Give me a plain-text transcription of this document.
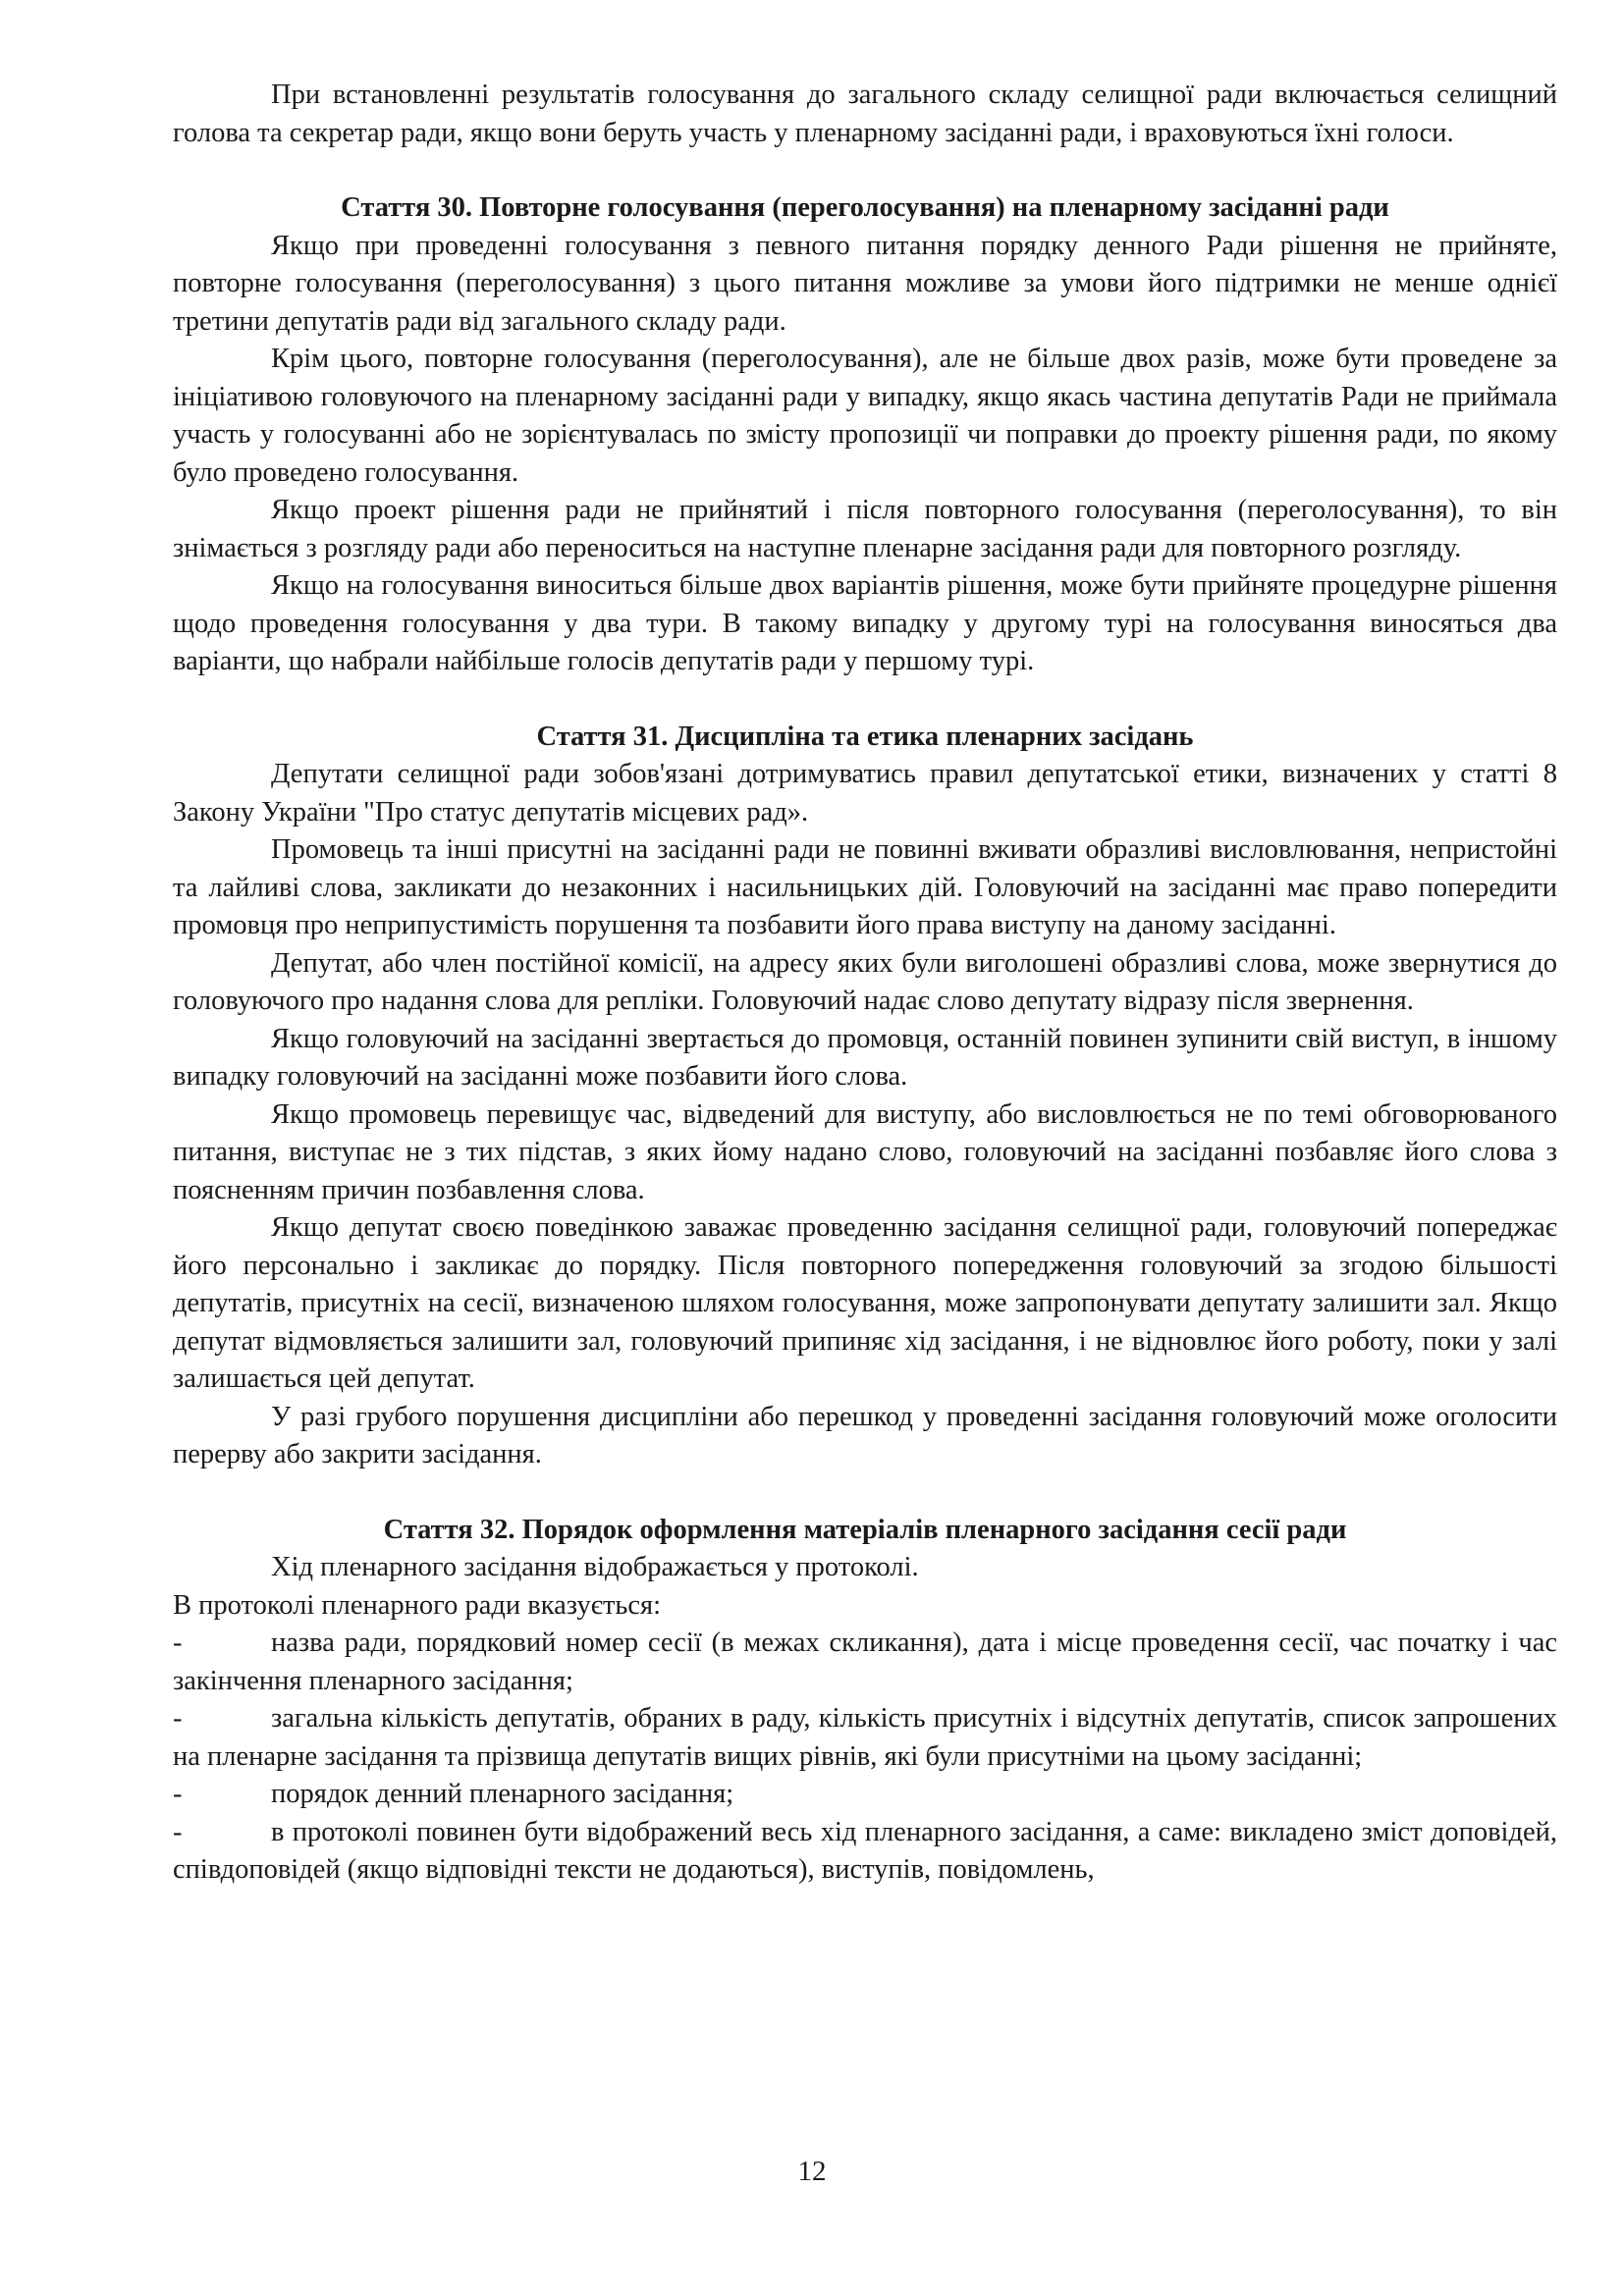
При встановленні результатів голосування до загального складу селищної ради включається селищний голова та секретар ради, якщо вони беруть участь у пленарному засіданні ради, і враховуються їхні голоси.

Стаття 30. Повторне голосування (переголосування) на пленарному засіданні ради

Якщо при проведенні голосування з певного питання порядку денного Ради рішення не прийняте, повторне голосування (переголосування) з цього питання можливе за умови його підтримки не менше однієї третини депутатів ради від загального складу ради.

Крім цього, повторне голосування (переголосування), але не більше двох разів, може бути проведене за ініціативою головуючого на пленарному засіданні ради у випадку, якщо якась частина депутатів Ради не приймала участь у голосуванні або не зорієнтувалась по змісту пропозиції чи поправки до проекту рішення ради, по якому було проведено голосування.

Якщо проект рішення ради не прийнятий і після повторного голосування (переголосування), то він знімається з розгляду ради або переноситься на наступне пленарне засідання ради для повторного розгляду.

Якщо на голосування виноситься більше двох варіантів рішення, може бути прийняте процедурне рішення щодо проведення голосування у два тури. В такому випадку у другому турі на голосування виносяться два варіанти, що набрали найбільше голосів депутатів ради у першому турі.

Стаття 31. Дисципліна та етика пленарних засідань

Депутати селищної ради зобов'язані дотримуватись правил депутатської етики, визначених у статті 8 Закону України "Про статус депутатів місцевих рад».

Промовець та інші присутні на засіданні ради не повинні вживати образливі висловлювання, непристойні та лайливі слова, закликати до незаконних і насильницьких дій. Головуючий на засіданні має право попередити промовця про неприпустимість порушення та позбавити його права виступу на даному засіданні.

Депутат, або член постійної комісії, на адресу яких були виголошені образливі слова, може звернутися до головуючого про надання слова для репліки. Головуючий надає слово депутату відразу після звернення.

Якщо головуючий на засіданні звертається до промовця, останній повинен зупинити свій виступ, в іншому випадку головуючий на засіданні може позбавити його слова.

Якщо промовець перевищує час, відведений для виступу, або висловлюється не по темі обговорюваного питання, виступає не з тих підстав, з яких йому надано слово, головуючий на засіданні позбавляє його слова з поясненням причин позбавлення слова.

Якщо депутат своєю поведінкою заважає проведенню засідання селищної ради, головуючий попереджає його персонально і закликає до порядку. Після повторного попередження головуючий за згодою більшості депутатів, присутніх на сесії, визначеною шляхом голосування, може запропонувати депутату залишити зал. Якщо депутат відмовляється залишити зал, головуючий припиняє хід засідання, і не відновлює його роботу, поки у залі залишається цей депутат.

У разі грубого порушення дисципліни або перешкод у проведенні засідання головуючий може оголосити перерву або закрити засідання.

Стаття 32. Порядок оформлення матеріалів пленарного засідання сесії ради

Хід пленарного засідання відображається у протоколі.

В протоколі пленарного ради вказується:

-	назва ради, порядковий номер сесії (в межах скликання), дата і місце проведення сесії, час початку і час закінчення пленарного засідання;

-	загальна кількість депутатів, обраних в раду, кількість присутніх і відсутніх депутатів, список запрошених на пленарне засідання та прізвища депутатів вищих рівнів, які були присутніми на цьому засіданні;

-	порядок денний пленарного засідання;

-	в протоколі повинен бути відображений весь хід пленарного засідання, а саме: викладено зміст доповідей, співдоповідей (якщо відповідні тексти не додаються), виступів, повідомлень,

12
